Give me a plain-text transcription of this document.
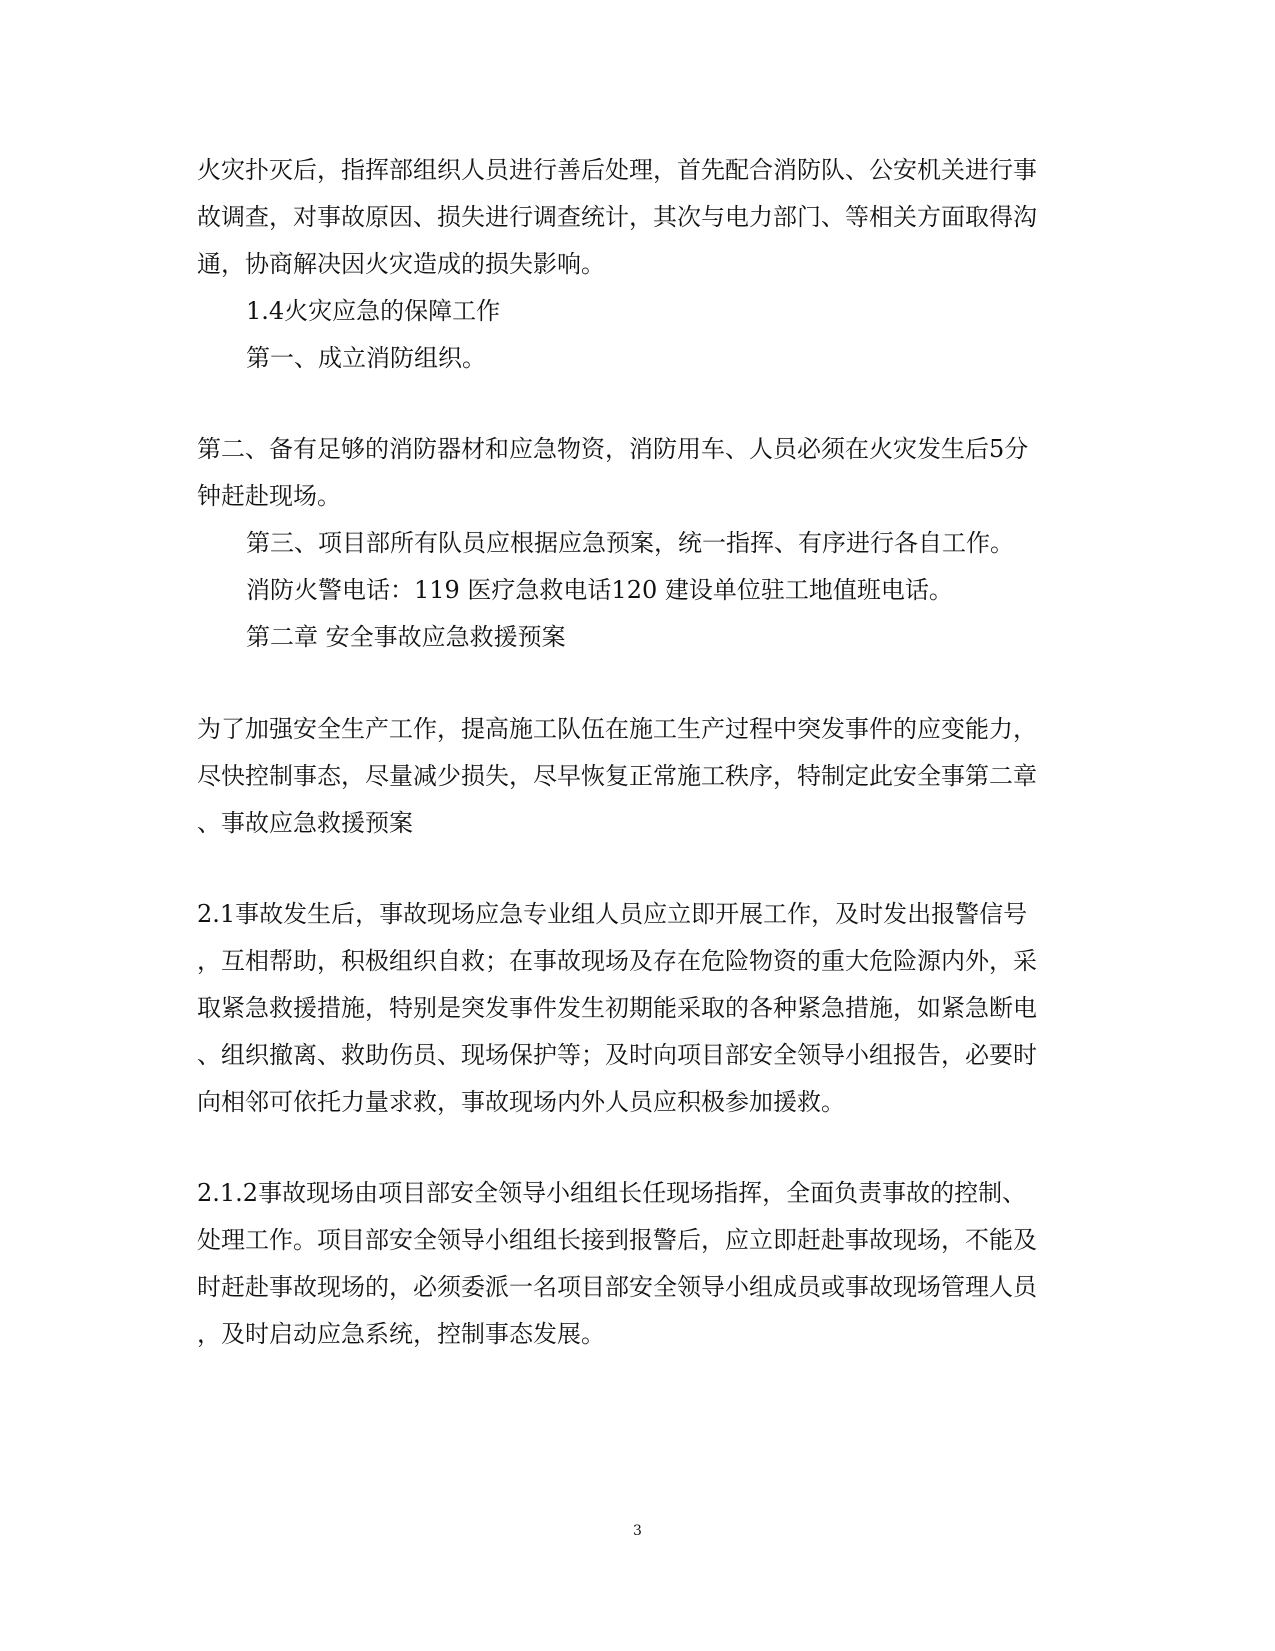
火灾扑灭后，指挥部组织人员进行善后处理，首先配合消防队、公安机关进行事
故调查，对事故原因、损失进行调查统计，其次与电力部门、等相关方面取得沟
通，协商解决因火灾造成的损失影响。
1.4火灾应急的保障工作
第一、成立消防组织。
第二、备有足够的消防器材和应急物资，消防用车、人员必须在火灾发生后5分
钟赶赴现场。
第三、项目部所有队员应根据应急预案，统一指挥、有序进行各自工作。
消防火警电话：119 医疗急救电话120 建设单位驻工地值班电话。
第二章 安全事故应急救援预案
为了加强安全生产工作，提高施工队伍在施工生产过程中突发事件的应变能力，
尽快控制事态，尽量减少损失，尽早恢复正常施工秩序，特制定此安全事第二章
、事故应急救援预案
2.1事故发生后，事故现场应急专业组人员应立即开展工作，及时发出报警信号
，互相帮助，积极组织自救；在事故现场及存在危险物资的重大危险源内外，采
取紧急救援措施，特别是突发事件发生初期能采取的各种紧急措施，如紧急断电
、组织撤离、救助伤员、现场保护等；及时向项目部安全领导小组报告，必要时
向相邻可依托力量求救，事故现场内外人员应积极参加援救。
2.1.2事故现场由项目部安全领导小组组长任现场指挥，全面负责事故的控制、
处理工作。项目部安全领导小组组长接到报警后，应立即赶赴事故现场，不能及
时赶赴事故现场的，必须委派一名项目部安全领导小组成员或事故现场管理人员
，及时启动应急系统，控制事态发展。
3
